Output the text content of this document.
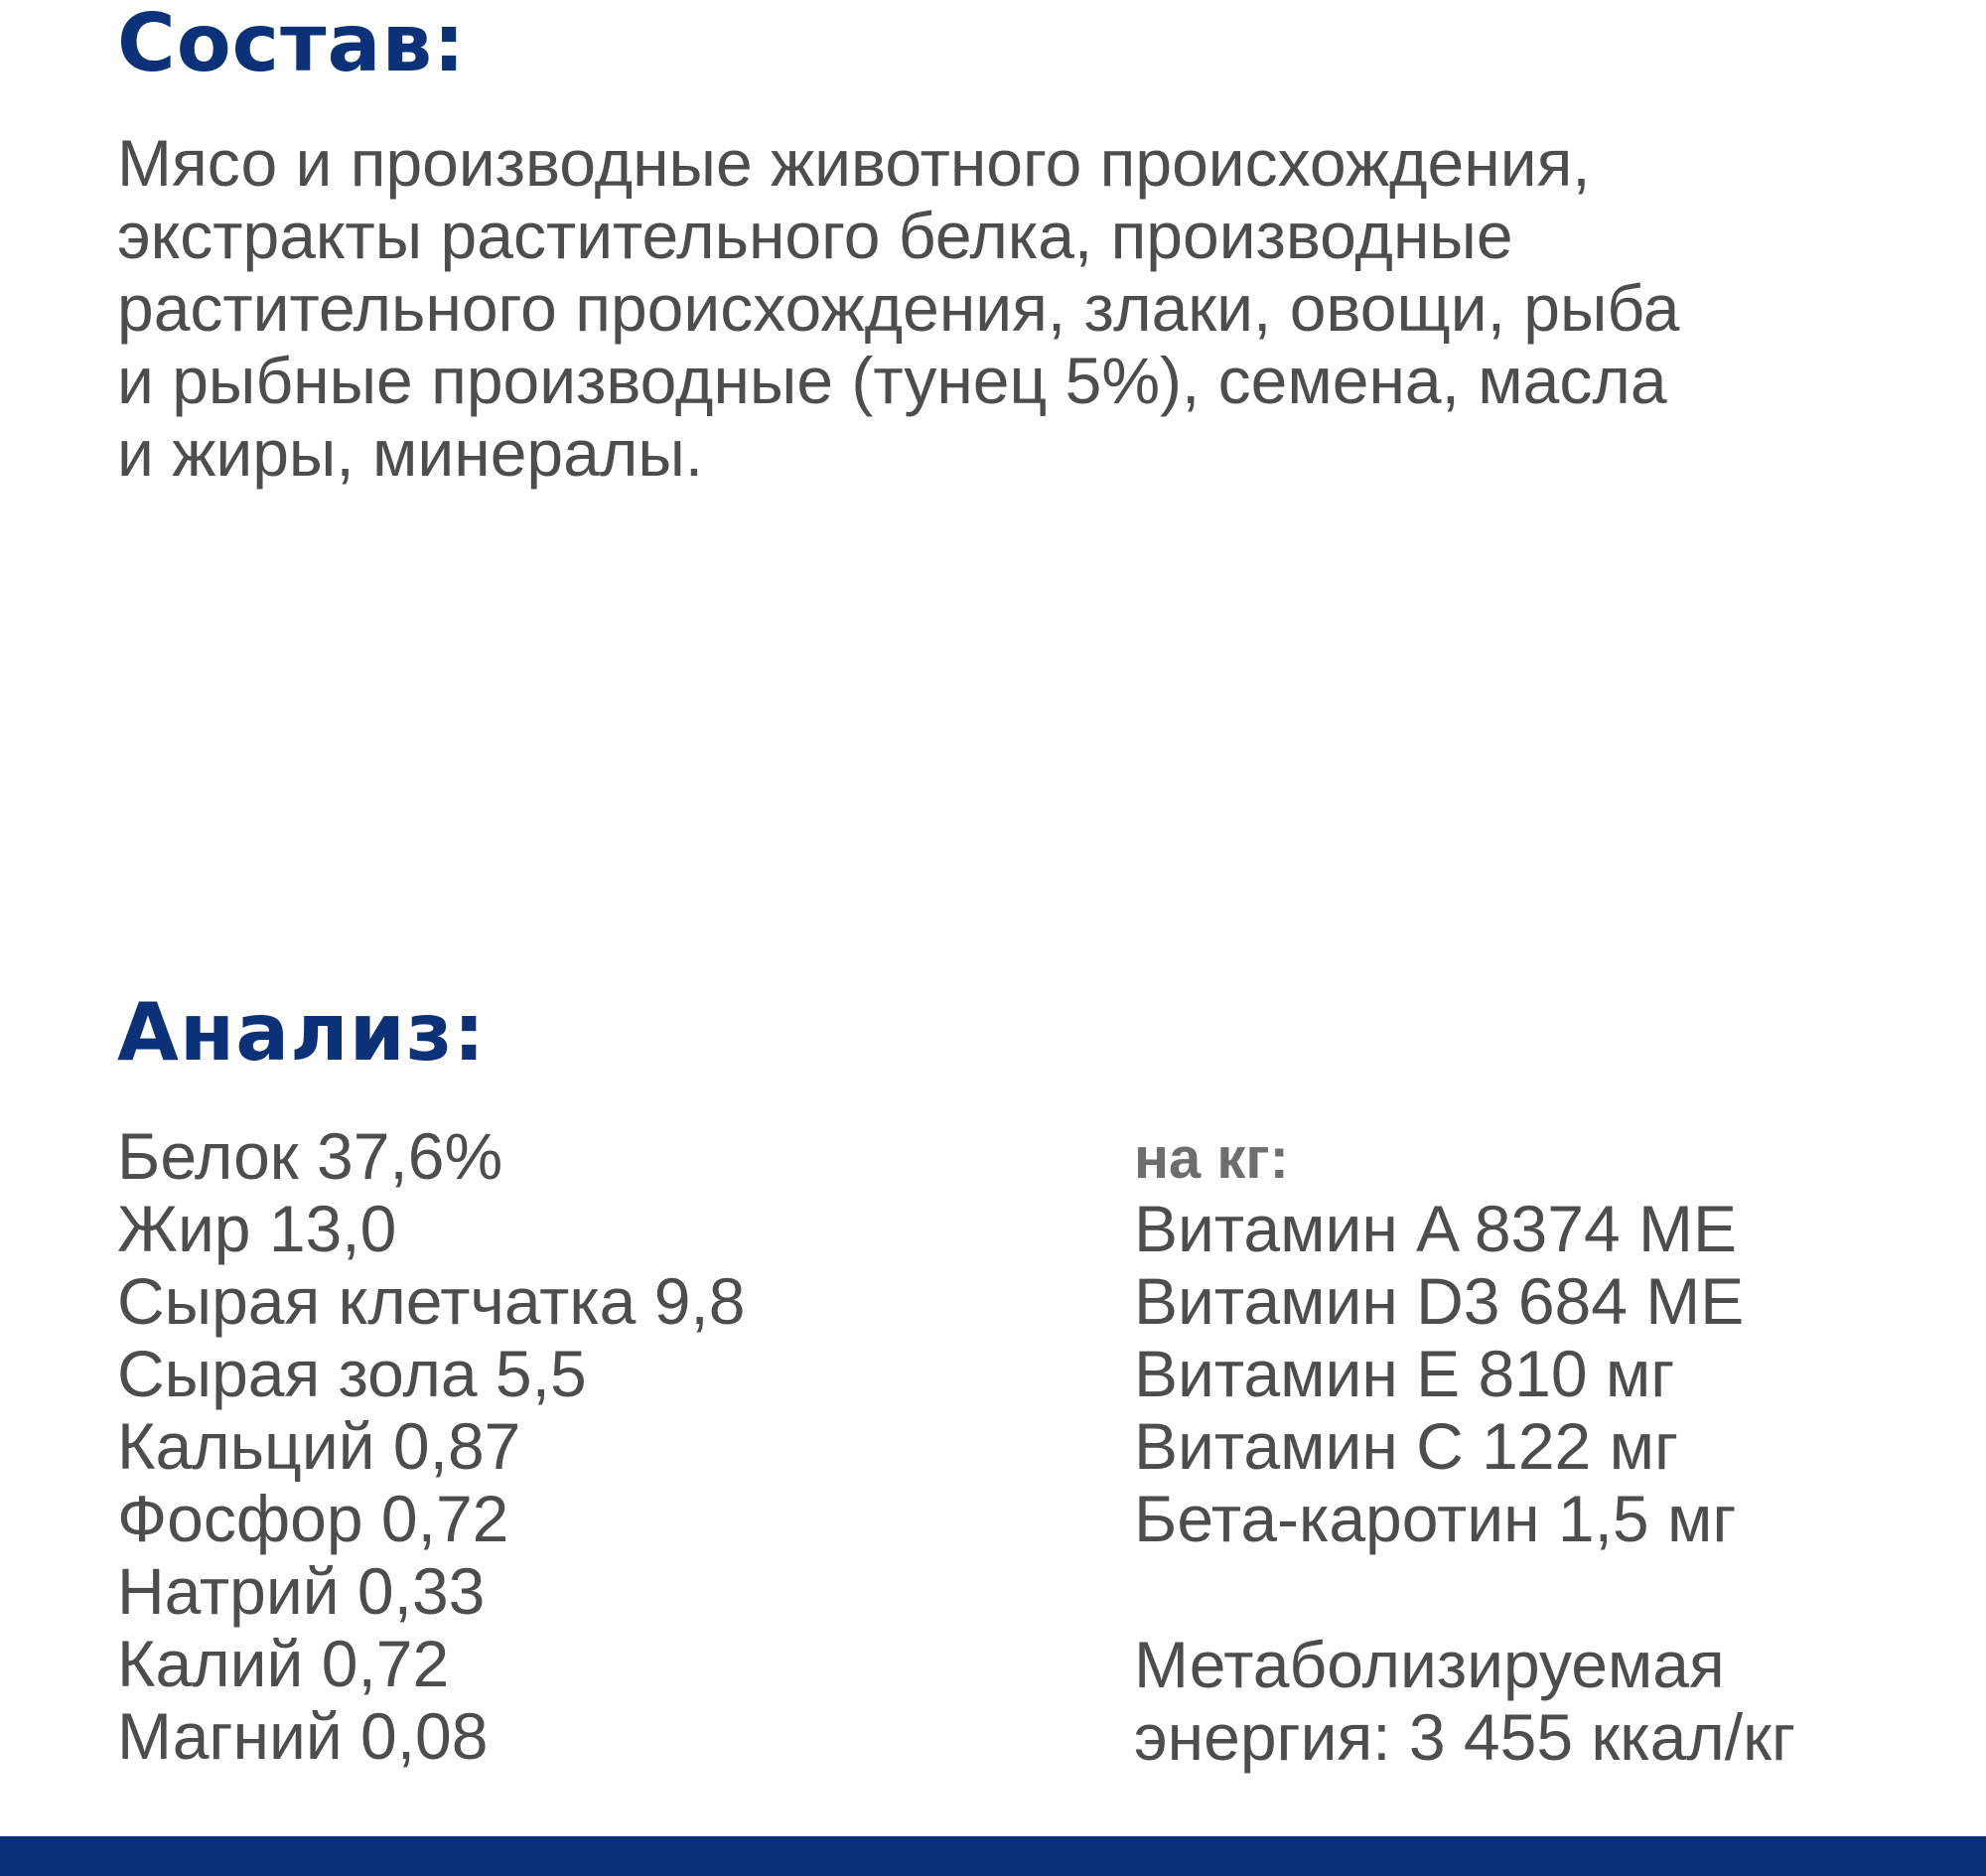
Состав:

Мясо и производные животного происхождения,
экстракты растительного белка, производные
растительного происхождения, злаки, овощи, рыба
и рыбные производные (тунец 5%), семена, масла
и жиры, минералы.

Анализ:
Белок 37,6%
Жир 13,0
Сырая клетчатка 9,8
Сырая зола 5,5
Кальций 0,87
Фосфор 0,72
Натрий 0,33
Калий 0,72
Магний 0,08

на кг:

Витамин A 8374 ME
Витамин D3 684 ME
Витамин E 810 мг
Витамин C 122 мг
Бета-каротин 1,5 мг

Метаболизируемая
энергия: 3 455 ккал/кг
